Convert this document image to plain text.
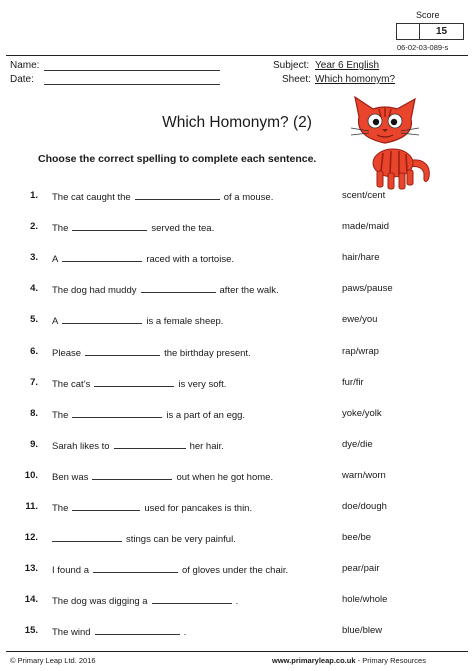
Score
15
06-02-03-089-s
Name:
Date:
Subject: Year 6 English
Sheet: Which homonym?
Which Homonym? (2)
Choose the correct spelling to complete each sentence.
1. The cat caught the	of a mouse.	scent/cent
2. The	served the tea.	made/maid
3. A	raced with a tortoise.	hair/hare
4. The dog had muddy	after the walk.	paws/pause
5. A	is a female sheep.	ewe/you
6. Please	the birthday present.	rap/wrap
7. The cat’s	is very soft.	fur/fir
8. The	is a part of an egg.	yoke/yolk
9. Sarah likes to	her hair.	dye/die
10. Ben was	out when he got home.	warn/worn
11. The	used for pancakes is thin.	doe/dough
12.	stings can be very painful.	bee/be
13. I found a	of gloves under the chair.	pear/pair
14. The dog was digging a	.	hole/whole
15. The wind	.	blue/blew
© Primary Leap Ltd. 2016	www.primaryleap.co.uk - Primary Resources
